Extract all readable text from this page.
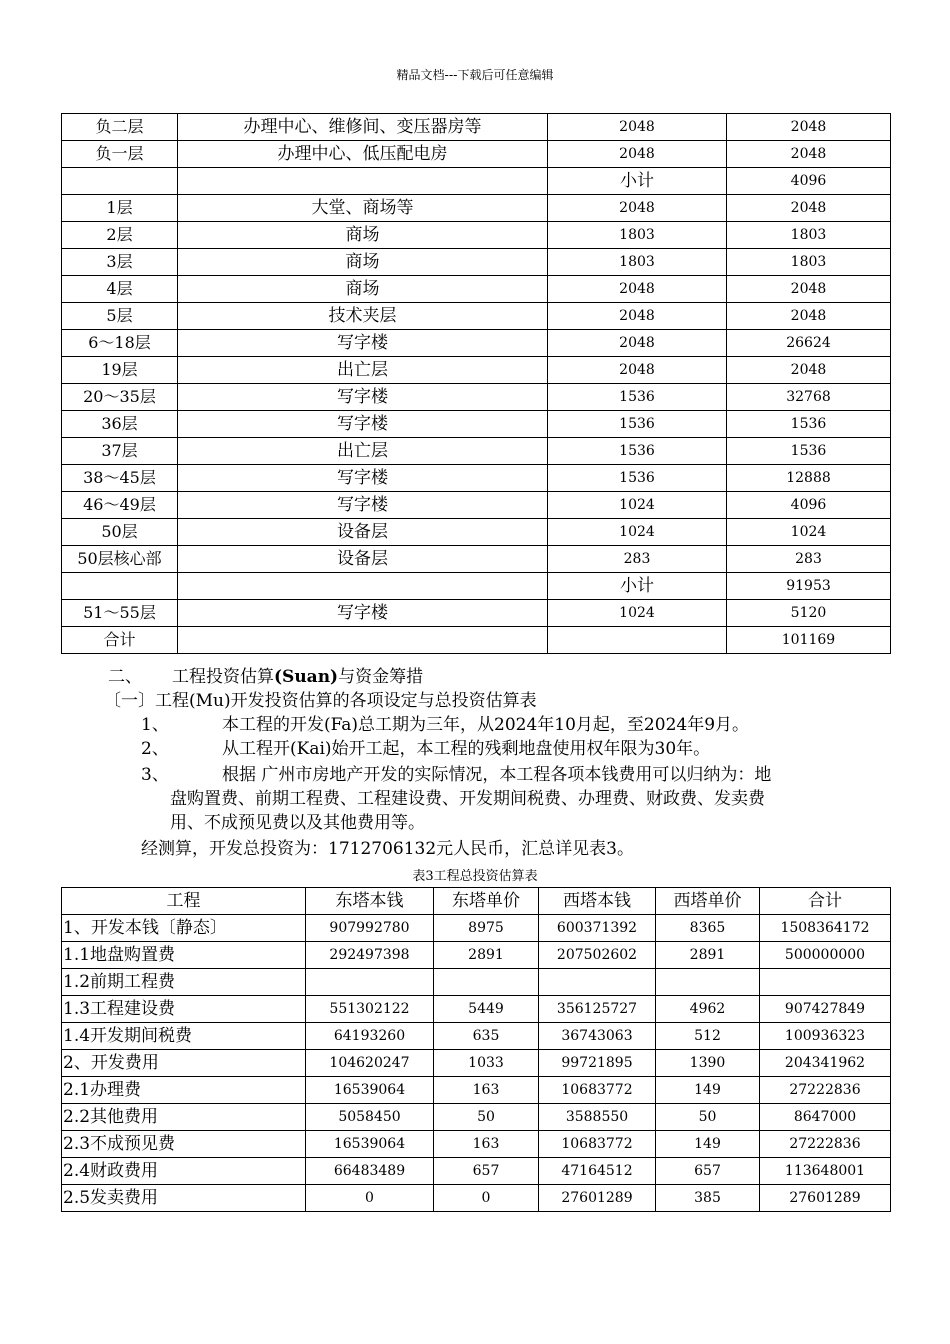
精品文档---下载后可任意编辑
负二层	办理中心、维修间、变压器房等	2048	2048
负一层	办理中心、低压配电房	2048	2048
		小计	4096
1层	大堂、商场等	2048	2048
2层	商场	1803	1803
3层	商场	1803	1803
4层	商场	2048	2048
5层	技术夹层	2048	2048
6～18层	写字楼	2048	26624
19层	出亡层	2048	2048
20～35层	写字楼	1536	32768
36层	写字楼	1536	1536
37层	出亡层	1536	1536
38～45层	写字楼	1536	12888
46～49层	写字楼	1024	4096
50层	设备层	1024	1024
50层核心部	设备层	283	283
		小计	91953
51～55层	写字楼	1024	5120
合计			101169
二、 工程投资估算(Suan)与资金筹措
〔一〕工程(Mu)开发投资估算的各项设定与总投资估算表
1、	本工程的开发(Fa)总工期为三年，从2024年10月起，至2024年9月。
2、	从工程开(Kai)始开工起，本工程的残剩地盘使用权年限为30年。
3、	根据 广州市房地产开发的实际情况，本工程各项本钱费用可以归纳为：地
盘购置费、前期工程费、工程建设费、开发期间税费、办理费、财政费、发卖费
用、不成预见费以及其他费用等。
经测算，开发总投资为：1712706132元人民币，汇总详见表3。
表3工程总投资估算表
工程	东塔本钱	东塔单价	西塔本钱	西塔单价	合计
1、开发本钱〔静态〕	907992780	8975	600371392	8365	1508364172
1.1地盘购置费	292497398	2891	207502602	2891	500000000
1.2前期工程费					
1.3工程建设费	551302122	5449	356125727	4962	907427849
1.4开发期间税费	64193260	635	36743063	512	100936323
2、开发费用	104620247	1033	99721895	1390	204341962
2.1办理费	16539064	163	10683772	149	27222836
2.2其他费用	5058450	50	3588550	50	8647000
2.3不成预见费	16539064	163	10683772	149	27222836
2.4财政费用	66483489	657	47164512	657	113648001
2.5发卖费用	0	0	27601289	385	27601289
